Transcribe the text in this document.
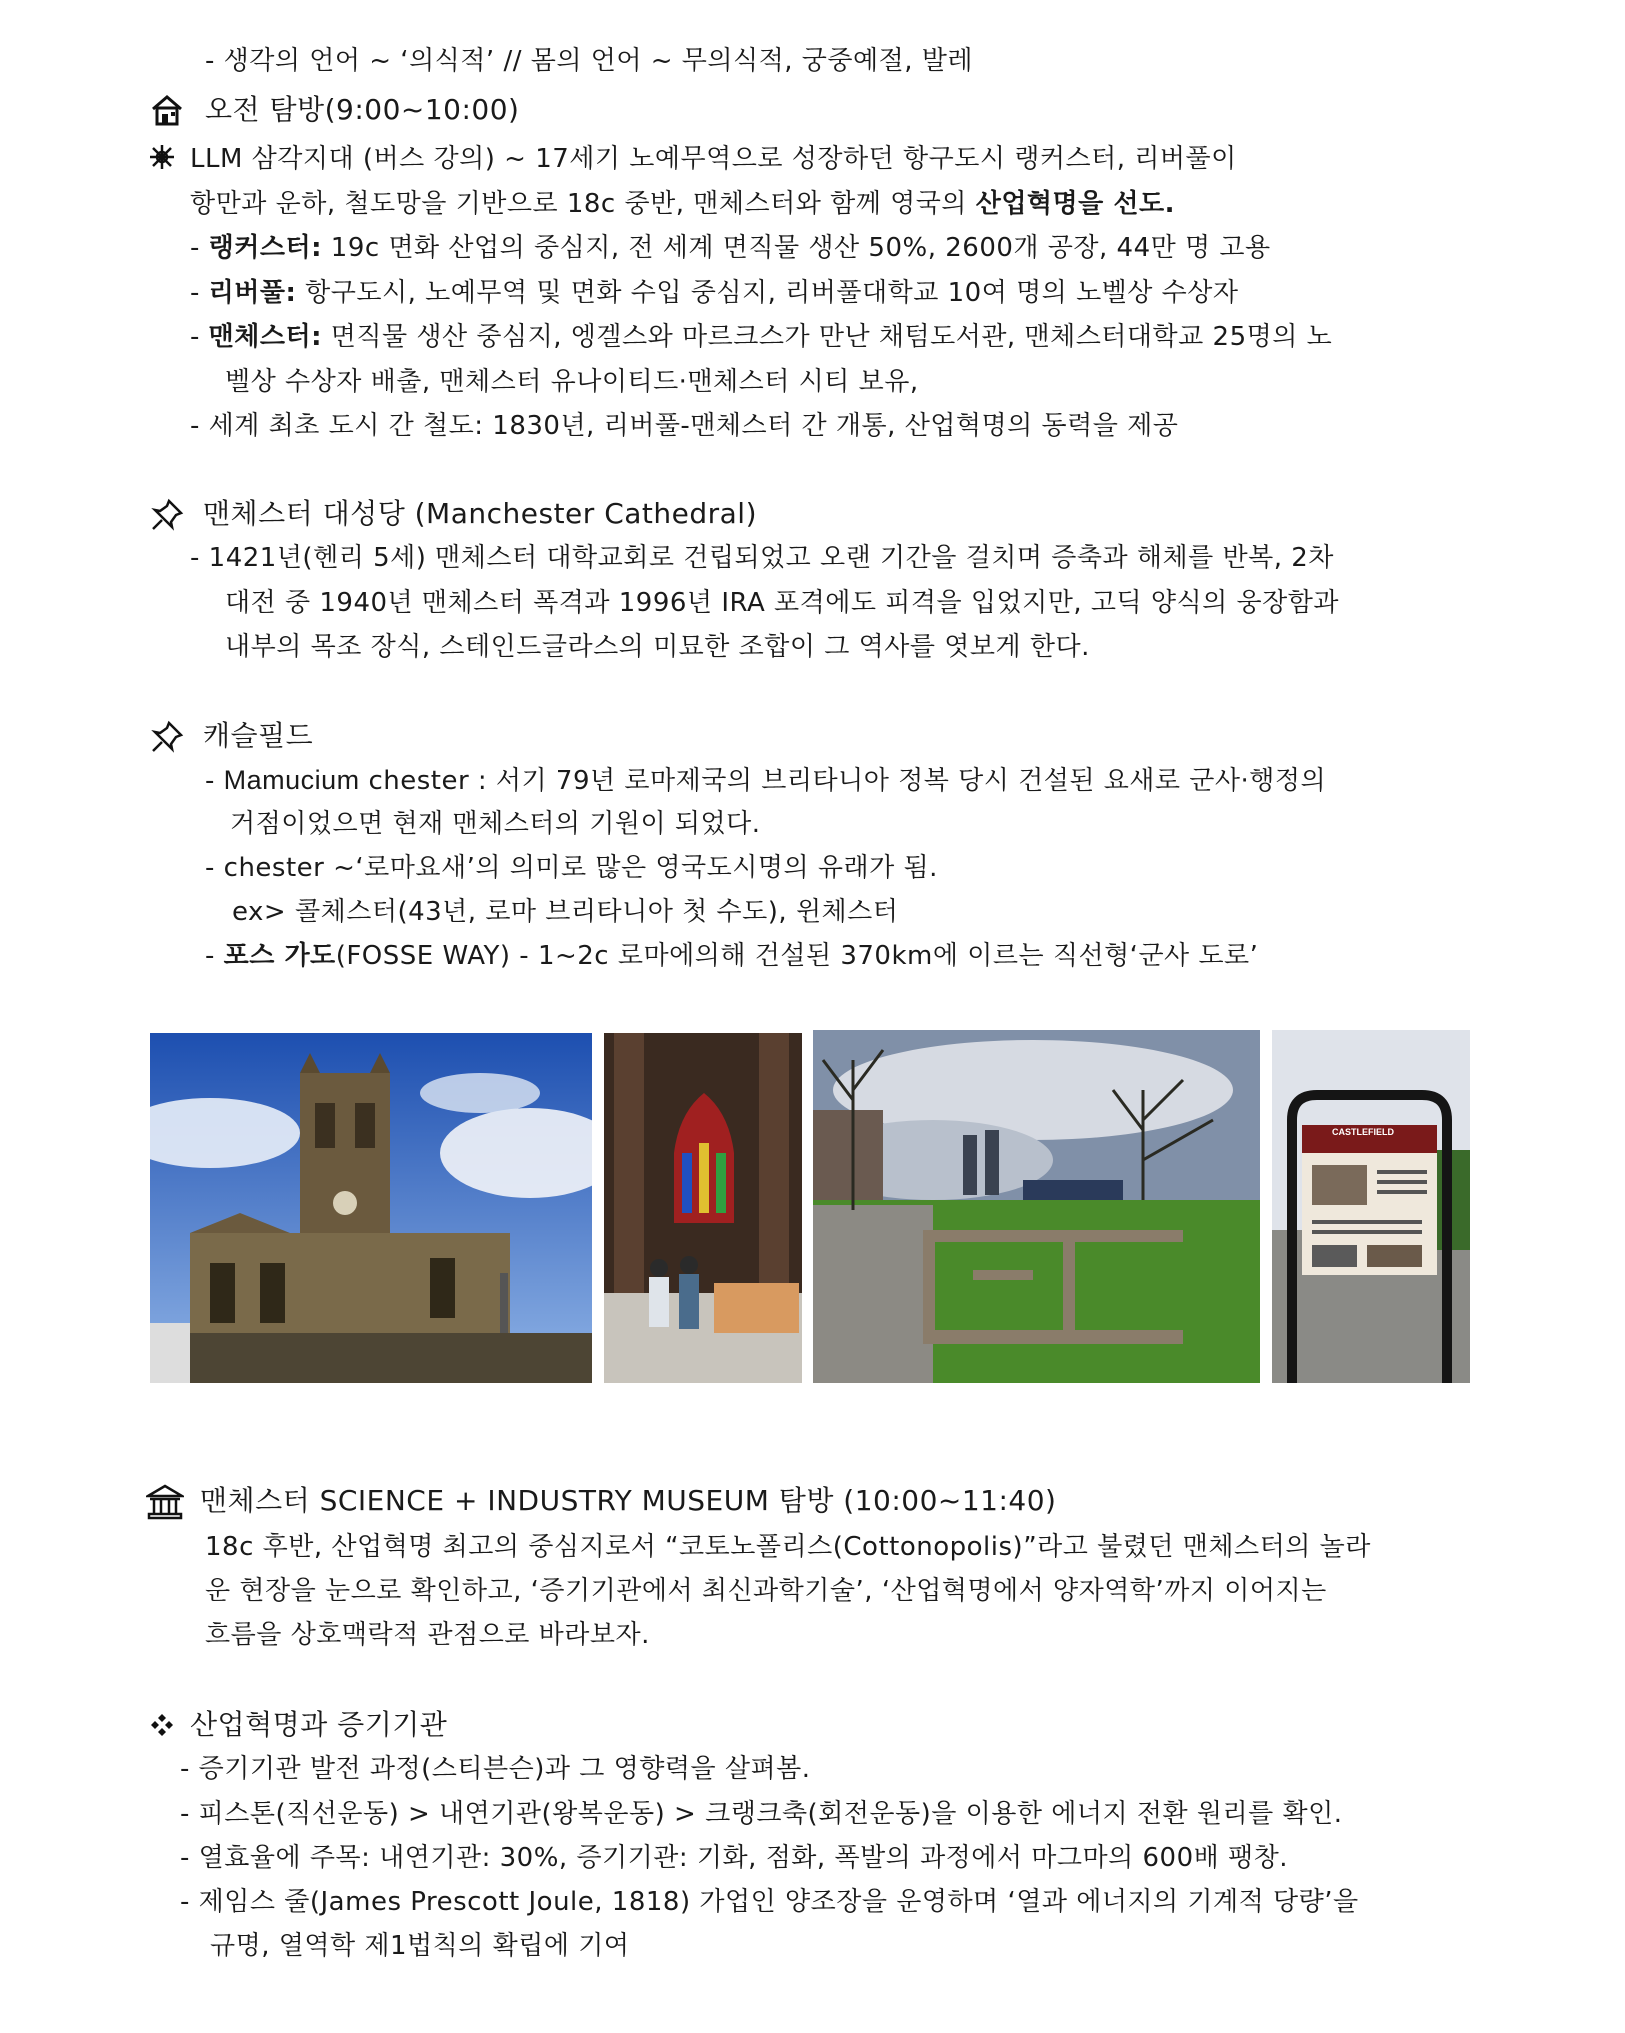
- 생각의 언어 ~ ‘의식적’ // 몸의 언어 ~ 무의식적, 궁중예절, 발레
오전 탐방(9:00~10:00)
LLM 삼각지대 (버스 강의) ~ 17세기 노예무역으로 성장하던 항구도시 랭커스터, 리버풀이
항만과 운하, 철도망을 기반으로 18c 중반, 맨체스터와 함께 영국의 산업혁명을 선도.
- 랭커스터: 19c 면화 산업의 중심지, 전 세계 면직물 생산 50%, 2600개 공장, 44만 명 고용
- 리버풀: 항구도시, 노예무역 및 면화 수입 중심지, 리버풀대학교 10여 명의 노벨상 수상자
- 맨체스터: 면직물 생산 중심지, 엥겔스와 마르크스가 만난 채텀도서관, 맨체스터대학교 25명의 노
벨상 수상자 배출, 맨체스터 유나이티드·맨체스터 시티 보유,
- 세계 최초 도시 간 철도: 1830년, 리버풀-맨체스터 간 개통, 산업혁명의 동력을 제공
맨체스터 대성당 (Manchester Cathedral)
- 1421년(헨리 5세) 맨체스터 대학교회로 건립되었고 오랜 기간을 걸치며 증축과 해체를 반복, 2차
대전 중 1940년 맨체스터 폭격과 1996년 IRA 포격에도 피격을 입었지만, 고딕 양식의 웅장함과
내부의 목조 장식, 스테인드글라스의 미묘한 조합이 그 역사를 엿보게 한다.
캐슬필드
- Mamucium chester : 서기 79년 로마제국의 브리타니아 정복 당시 건설된 요새로 군사·행정의
거점이었으면 현재 맨체스터의 기원이 되었다.
- chester ~‘로마요새’의 의미로 많은 영국도시명의 유래가 됨.
ex> 콜체스터(43년, 로마 브리타니아 첫 수도), 윈체스터
- 포스 가도(FOSSE WAY) - 1~2c 로마에의해 건설된 370km에 이르는 직선형‘군사 도로’
CASTLEFIELD
맨체스터 SCIENCE + INDUSTRY MUSEUM 탐방 (10:00~11:40)
18c 후반, 산업혁명 최고의 중심지로서 “코토노폴리스(Cottonopolis)”라고 불렸던 맨체스터의 놀라
운 현장을 눈으로 확인하고, ‘증기기관에서 최신과학기술’, ‘산업혁명에서 양자역학’까지 이어지는
흐름을 상호맥락적 관점으로 바라보자.
산업혁명과 증기기관
- 증기기관 발전 과정(스티븐슨)과 그 영향력을 살펴봄.
- 피스톤(직선운동) > 내연기관(왕복운동) > 크랭크축(회전운동)을 이용한 에너지 전환 원리를 확인.
- 열효율에 주목: 내연기관: 30%, 증기기관: 기화, 점화, 폭발의 과정에서 마그마의 600배 팽창.
- 제임스 줄(James Prescott Joule, 1818) 가업인 양조장을 운영하며 ‘열과 에너지의 기계적 당량’을
규명, 열역학 제1법칙의 확립에 기여
